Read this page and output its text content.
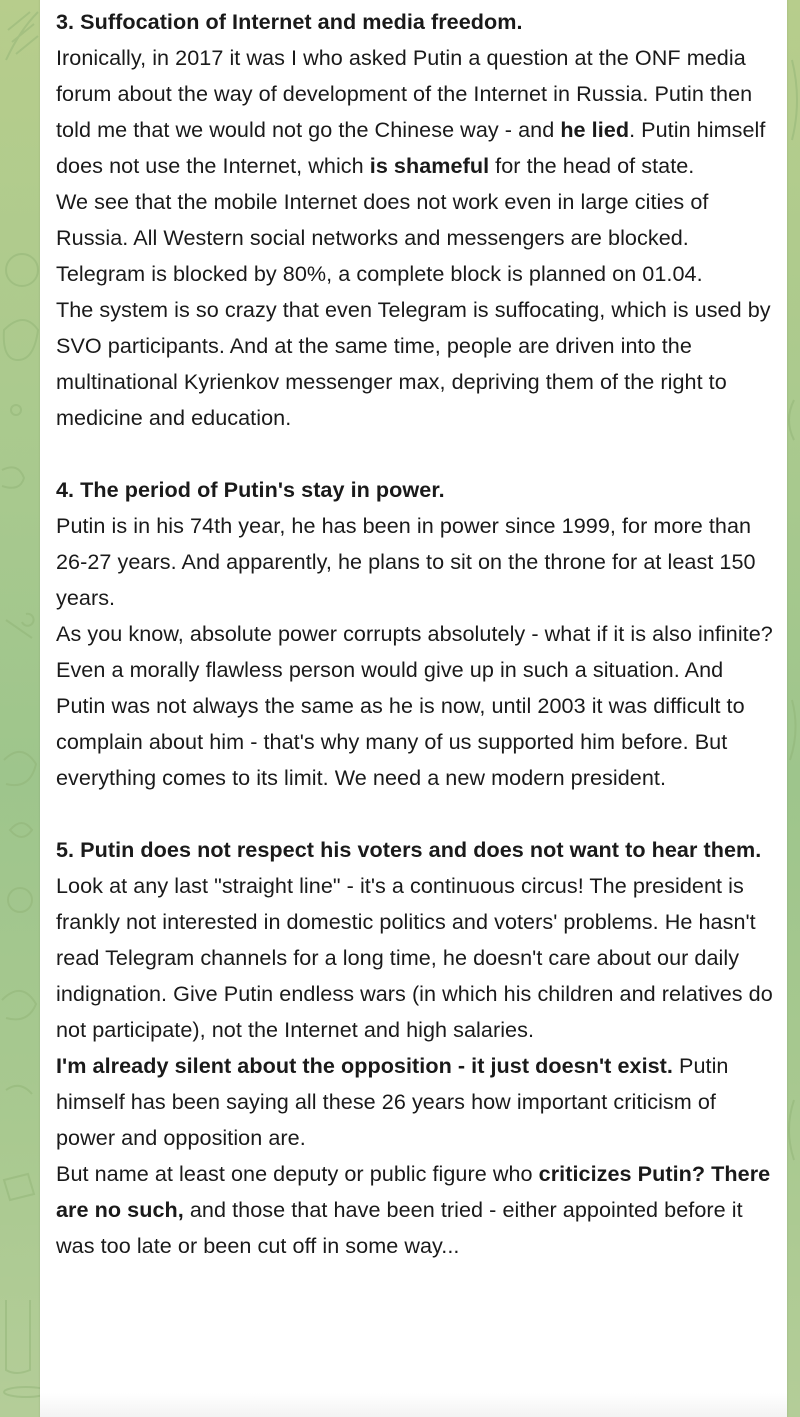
3. Suffocation of Internet and media freedom.
Ironically, in 2017 it was I who asked Putin a question at the ONF media forum about the way of development of the Internet in Russia. Putin then told me that we would not go the Chinese way - and he lied. Putin himself does not use the Internet, which is shameful for the head of state.
We see that the mobile Internet does not work even in large cities of Russia. All Western social networks and messengers are blocked. Telegram is blocked by 80%, a complete block is planned on 01.04.
The system is so crazy that even Telegram is suffocating, which is used by SVO participants. And at the same time, people are driven into the multinational Kyrienkov messenger max, depriving them of the right to medicine and education.
4. The period of Putin's stay in power.
Putin is in his 74th year, he has been in power since 1999, for more than 26-27 years. And apparently, he plans to sit on the throne for at least 150 years.
As you know, absolute power corrupts absolutely - what if it is also infinite? Even a morally flawless person would give up in such a situation. And Putin was not always the same as he is now, until 2003 it was difficult to complain about him - that's why many of us supported him before. But everything comes to its limit. We need a new modern president.
5. Putin does not respect his voters and does not want to hear them.
Look at any last "straight line" - it's a continuous circus! The president is frankly not interested in domestic politics and voters' problems. He hasn't read Telegram channels for a long time, he doesn't care about our daily indignation. Give Putin endless wars (in which his children and relatives do not participate), not the Internet and high salaries.
I'm already silent about the opposition - it just doesn't exist. Putin himself has been saying all these 26 years how important criticism of power and opposition are.
But name at least one deputy or public figure who criticizes Putin? There are no such, and those that have been tried - either appointed before it was too late or been cut off in some way...
